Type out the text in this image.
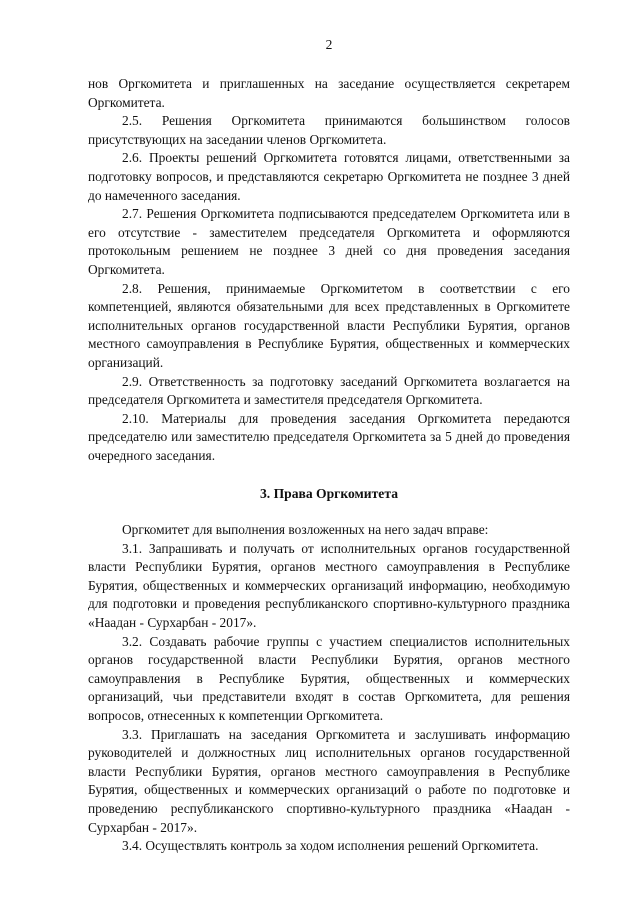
2

нов Оргкомитета и приглашенных на заседание осуществляется секретарем Оргкомитета.

2.5. Решения Оргкомитета принимаются большинством голосов присутствующих на заседании членов Оргкомитета.

2.6. Проекты решений Оргкомитета готовятся лицами, ответственными за подготовку вопросов, и представляются секретарю Оргкомитета не позднее 3 дней до намеченного заседания.

2.7. Решения Оргкомитета подписываются председателем Оргкомитета или в его отсутствие - заместителем председателя Оргкомитета и оформляются протокольным решением не позднее 3 дней со дня проведения заседания Оргкомитета.

2.8. Решения, принимаемые Оргкомитетом в соответствии с его компетенцией, являются обязательными для всех представленных в Оргкомитете исполнительных органов государственной власти Республики Бурятия, органов местного самоуправления в Республике Бурятия, общественных и коммерческих организаций.

2.9. Ответственность за подготовку заседаний Оргкомитета возлагается на председателя Оргкомитета и заместителя председателя Оргкомитета.

2.10. Материалы для проведения заседания Оргкомитета передаются председателю или заместителю председателя Оргкомитета за 5 дней до проведения очередного заседания.

3. Права Оргкомитета

Оргкомитет для выполнения возложенных на него задач вправе:

3.1. Запрашивать и получать от исполнительных органов государственной власти Республики Бурятия, органов местного самоуправления в Республике Бурятия, общественных и коммерческих организаций информацию, необходимую для подготовки и проведения республиканского спортивно-культурного праздника «Наадан - Сурхарбан - 2017».

3.2. Создавать рабочие группы с участием специалистов исполнительных органов государственной власти Республики Бурятия, органов местного самоуправления в Республике Бурятия, общественных и коммерческих организаций, чьи представители входят в состав Оргкомитета, для решения вопросов, отнесенных к компетенции Оргкомитета.

3.3. Приглашать на заседания Оргкомитета и заслушивать информацию руководителей и должностных лиц исполнительных органов государственной власти Республики Бурятия, органов местного самоуправления в Республике Бурятия, общественных и коммерческих организаций о работе по подготовке и проведению республиканского спортивно-культурного праздника «Наадан - Сурхарбан - 2017».

3.4. Осуществлять контроль за ходом исполнения решений Оргкомитета.
